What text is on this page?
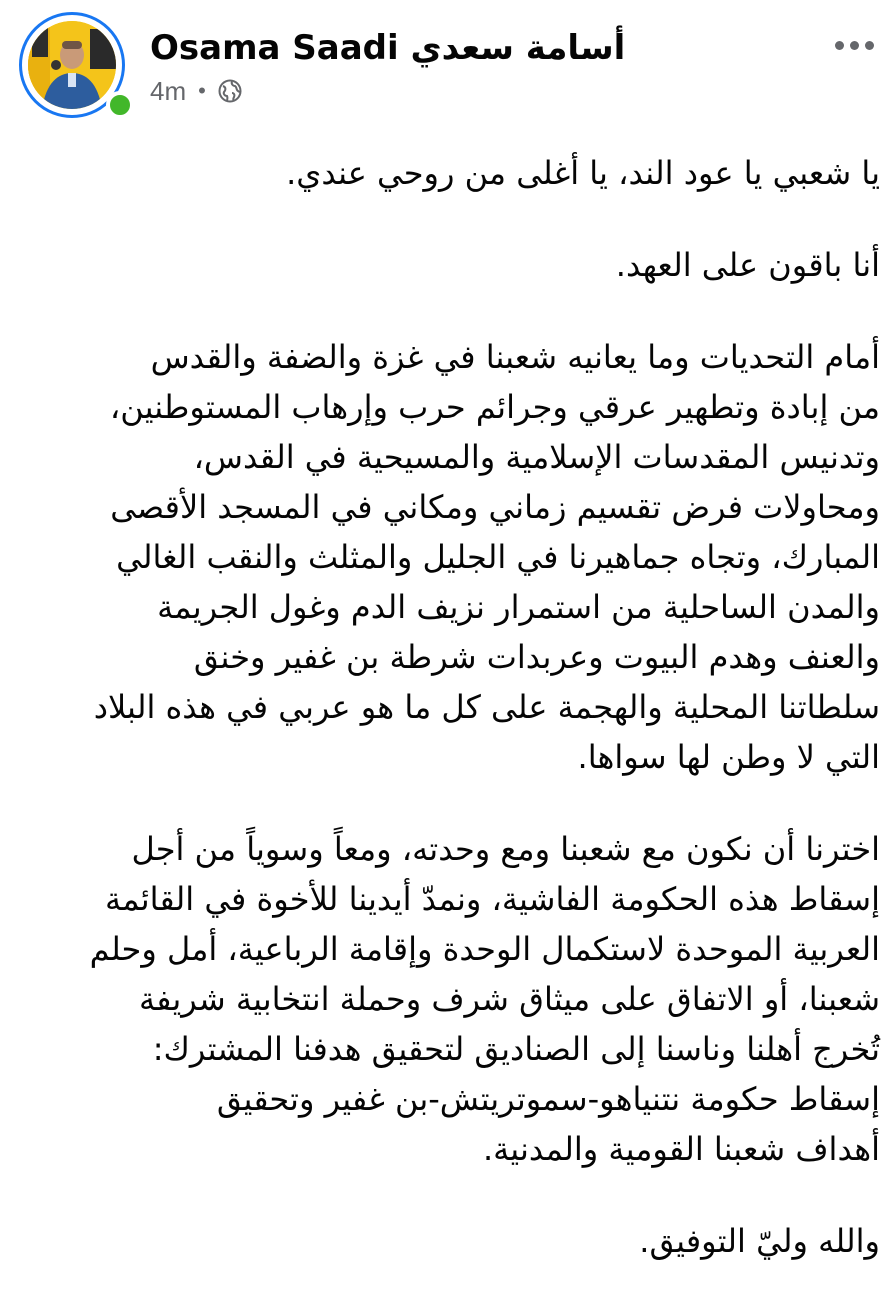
Osama Saadi أسامة سعدي
4m •
يا شعبي يا عود الند، يا أغلى من روحي عندي.
أنا باقون على العهد.
أمام التحديات وما يعانيه شعبنا في غزة والضفة والقدس
من إبادة وتطهير عرقي وجرائم حرب وإرهاب المستوطنين،
وتدنيس المقدسات الإسلامية والمسيحية في القدس،
ومحاولات فرض تقسيم زماني ومكاني في المسجد الأقصى
المبارك، وتجاه جماهيرنا في الجليل والمثلث والنقب الغالي
والمدن الساحلية من استمرار نزيف الدم وغول الجريمة
والعنف وهدم البيوت وعربدات شرطة بن غفير وخنق
سلطاتنا المحلية والهجمة على كل ما هو عربي في هذه البلاد
التي لا وطن لها سواها.
اخترنا أن نكون مع شعبنا ومع وحدته، ومعاً وسوياً من أجل
إسقاط هذه الحكومة الفاشية، ونمدّ أيدينا للأخوة في القائمة
العربية الموحدة لاستكمال الوحدة وإقامة الرباعية، أمل وحلم
شعبنا، أو الاتفاق على ميثاق شرف وحملة انتخابية شريفة
تُخرج أهلنا وناسنا إلى الصناديق لتحقيق هدفنا المشترك:
إسقاط حكومة نتنياهو-سموتريتش-بن غفير وتحقيق
أهداف شعبنا القومية والمدنية.
والله وليّ التوفيق.
